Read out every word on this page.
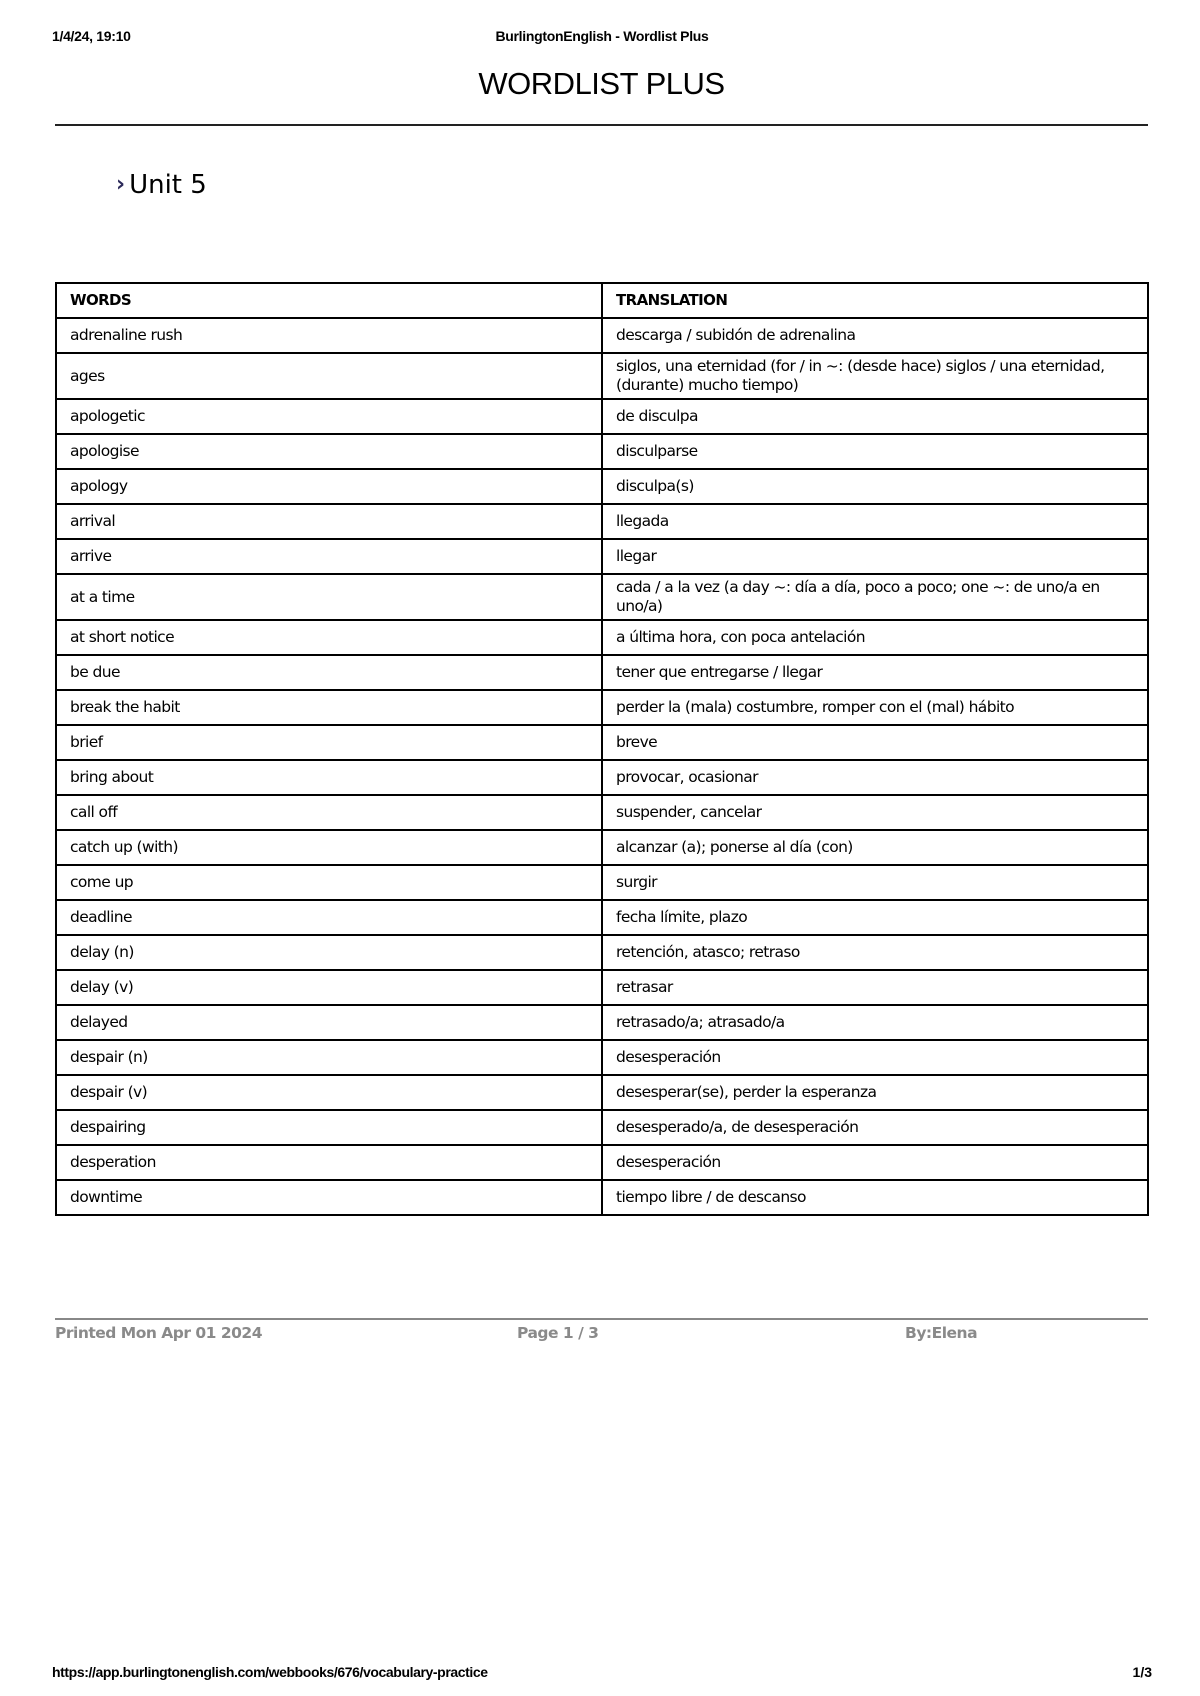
1/4/24, 19:10	BurlingtonEnglish - Wordlist Plus
WORDLIST PLUS
› Unit 5
WORDS	TRANSLATION
adrenaline rush	descarga / subidón de adrenalina
ages	siglos, una eternidad (for / in ~: (desde hace) siglos / una eternidad, (durante) mucho tiempo)
apologetic	de disculpa
apologise	disculparse
apology	disculpa(s)
arrival	llegada
arrive	llegar
at a time	cada / a la vez (a day ~: día a día, poco a poco; one ~: de uno/a en uno/a)
at short notice	a última hora, con poca antelación
be due	tener que entregarse / llegar
break the habit	perder la (mala) costumbre, romper con el (mal) hábito
brief	breve
bring about	provocar, ocasionar
call off	suspender, cancelar
catch up (with)	alcanzar (a); ponerse al día (con)
come up	surgir
deadline	fecha límite, plazo
delay (n)	retención, atasco; retraso
delay (v)	retrasar
delayed	retrasado/a; atrasado/a
despair (n)	desesperación
despair (v)	desesperar(se), perder la esperanza
despairing	desesperado/a, de desesperación
desperation	desesperación
downtime	tiempo libre / de descanso
Printed Mon Apr 01 2024	Page 1 / 3	By:Elena
https://app.burlingtonenglish.com/webbooks/676/vocabulary-practice	1/3
